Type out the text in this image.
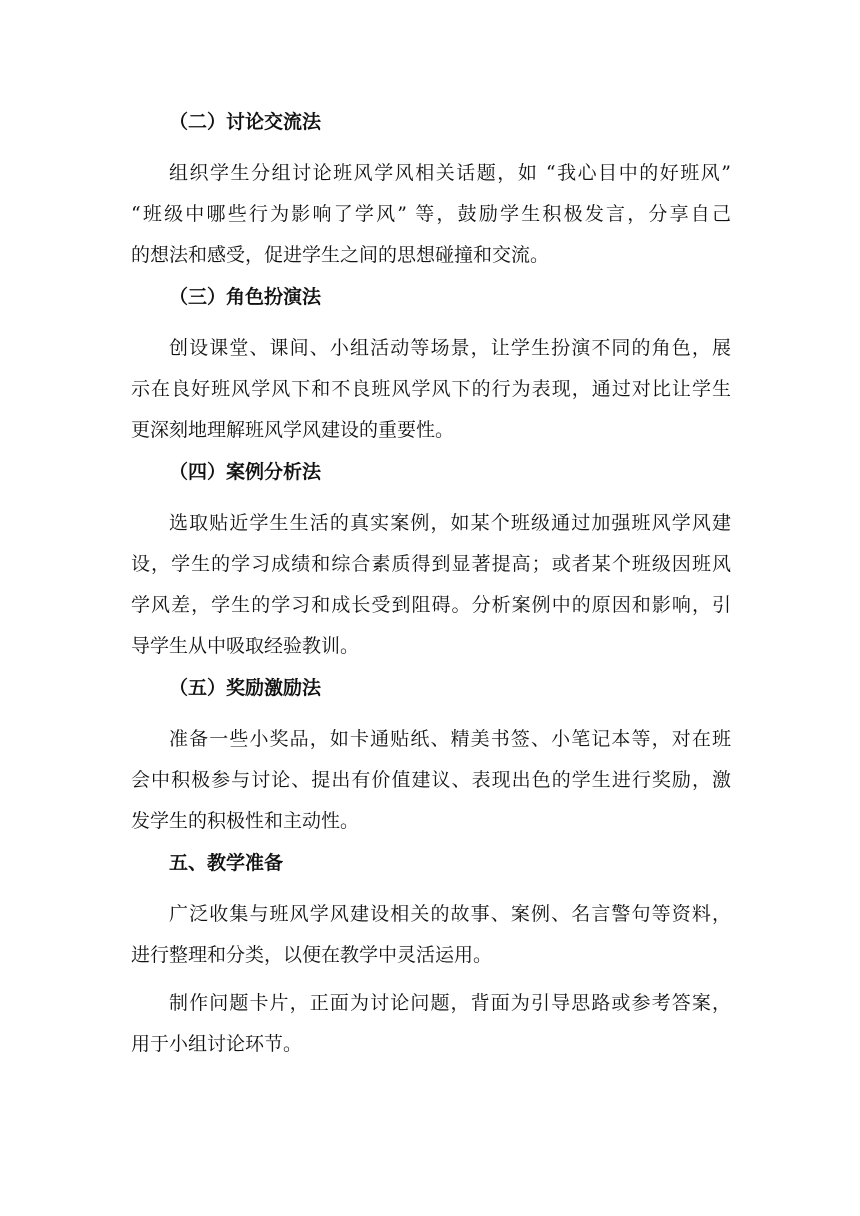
（二）讨论交流法
组织学生分组讨论班风学风相关话题，如 “我心目中的好班风”
“班级中哪些行为影响了学风” 等，鼓励学生积极发言，分享自己
的想法和感受，促进学生之间的思想碰撞和交流。
（三）角色扮演法
创设课堂、课间、小组活动等场景，让学生扮演不同的角色，展
示在良好班风学风下和不良班风学风下的行为表现，通过对比让学生
更深刻地理解班风学风建设的重要性。
（四）案例分析法
选取贴近学生生活的真实案例，如某个班级通过加强班风学风建
设，学生的学习成绩和综合素质得到显著提高；或者某个班级因班风
学风差，学生的学习和成长受到阻碍。分析案例中的原因和影响，引
导学生从中吸取经验教训。
（五）奖励激励法
准备一些小奖品，如卡通贴纸、精美书签、小笔记本等，对在班
会中积极参与讨论、提出有价值建议、表现出色的学生进行奖励，激
发学生的积极性和主动性。
五、教学准备
广泛收集与班风学风建设相关的故事、案例、名言警句等资料，
进行整理和分类，以便在教学中灵活运用。
制作问题卡片，正面为讨论问题，背面为引导思路或参考答案，
用于小组讨论环节。
